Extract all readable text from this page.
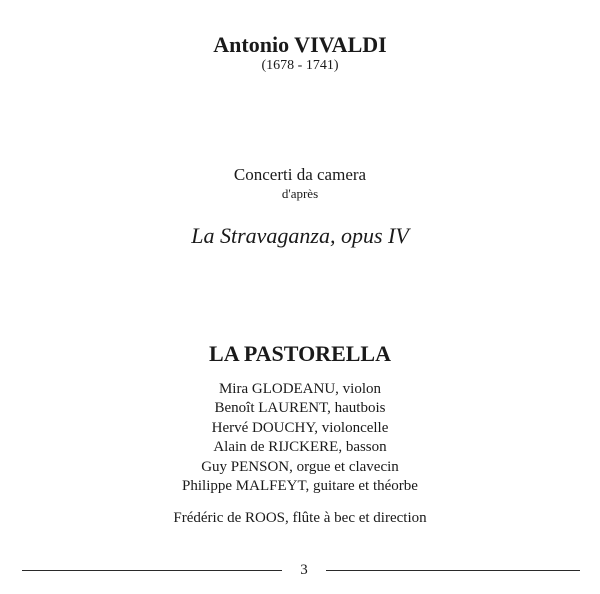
Antonio VIVALDI
(1678 - 1741)
Concerti da camera
d'après
La Stravaganza, opus IV
LA PASTORELLA
Mira GLODEANU, violon
Benoît LAURENT, hautbois
Hervé DOUCHY, violoncelle
Alain de RIJCKERE, basson
Guy PENSON, orgue et clavecin
Philippe MALFEYT, guitare et théorbe
Frédéric de ROOS, flûte à bec et direction
3
